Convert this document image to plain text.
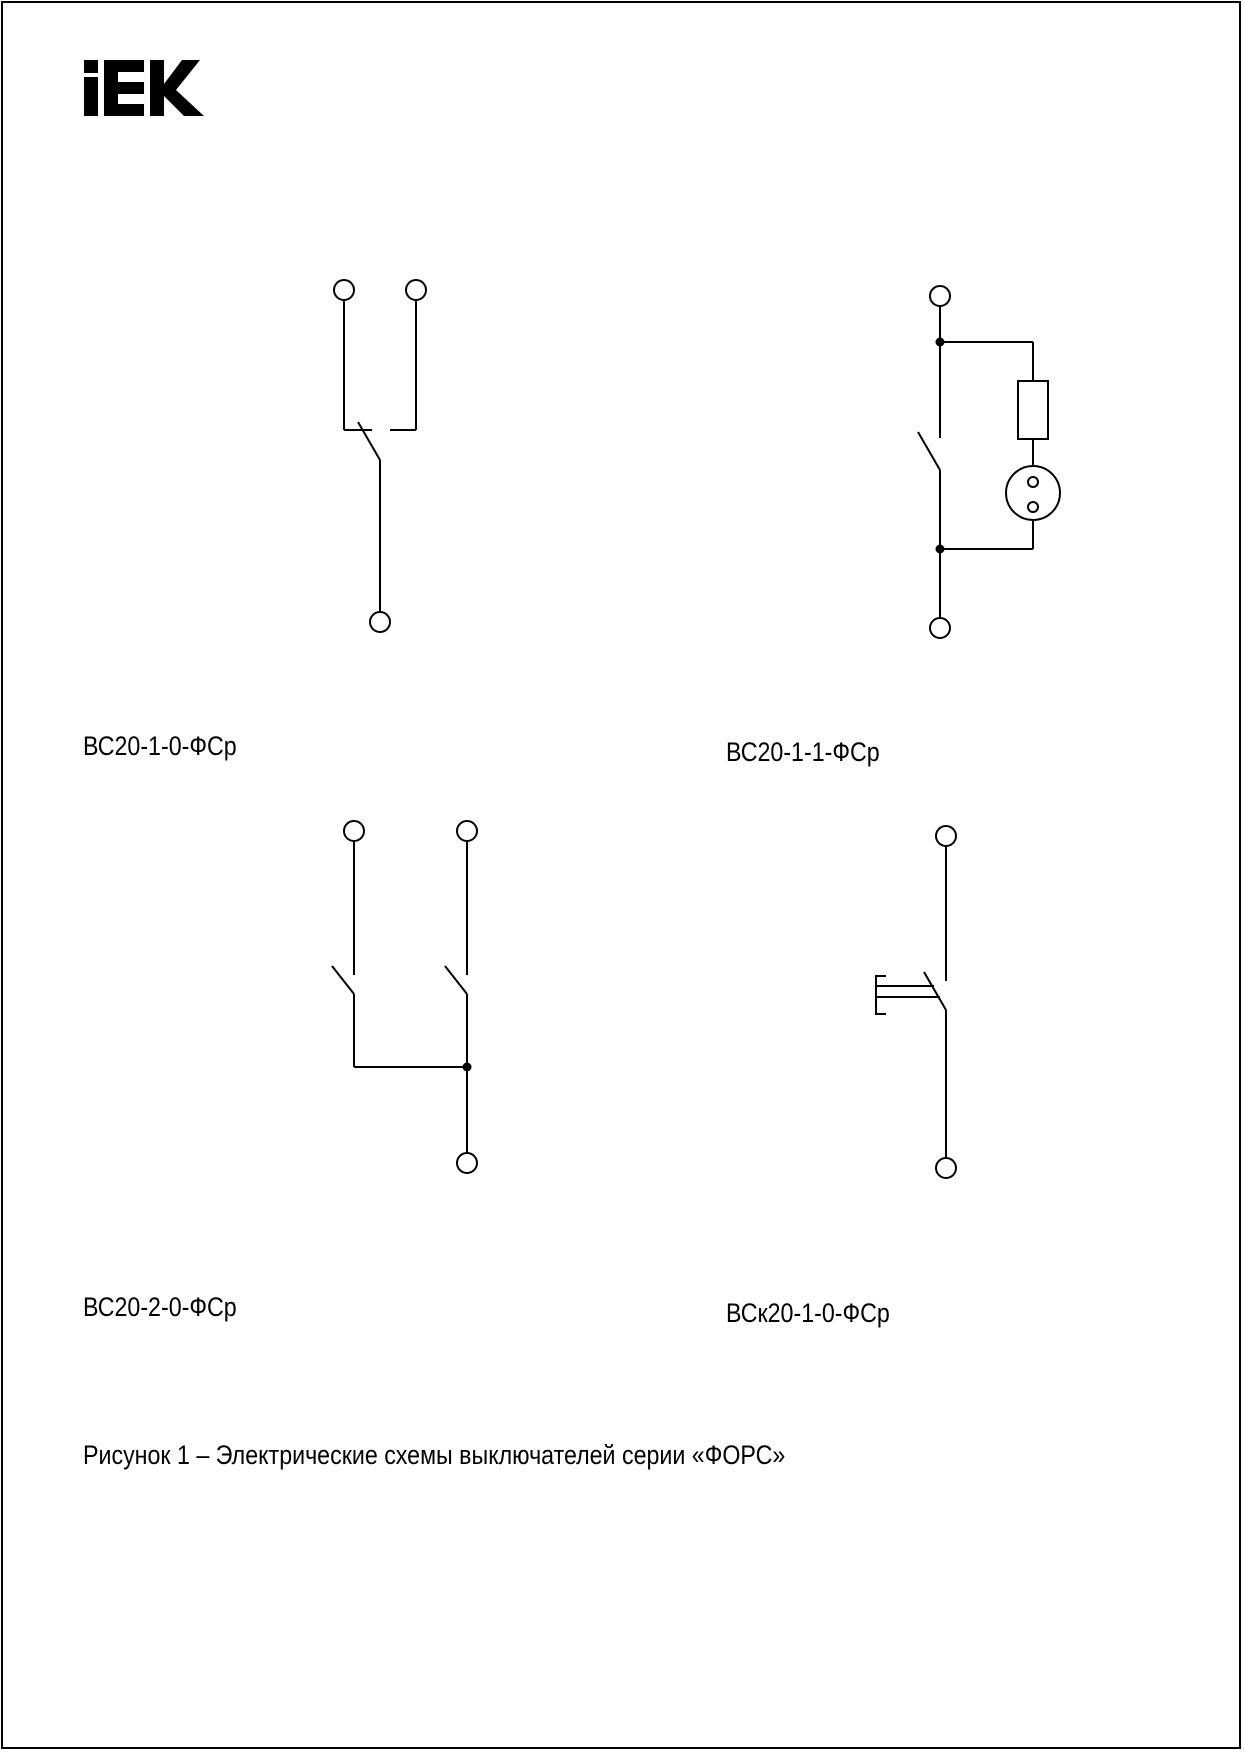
ВС20-1-0-ФСр	ВС20-1-1-ФСр

ВС20-2-0-ФСр	ВСк20-1-0-ФСр

Рисунок 1 – Электрические схемы выключателей серии «ФОРС»
